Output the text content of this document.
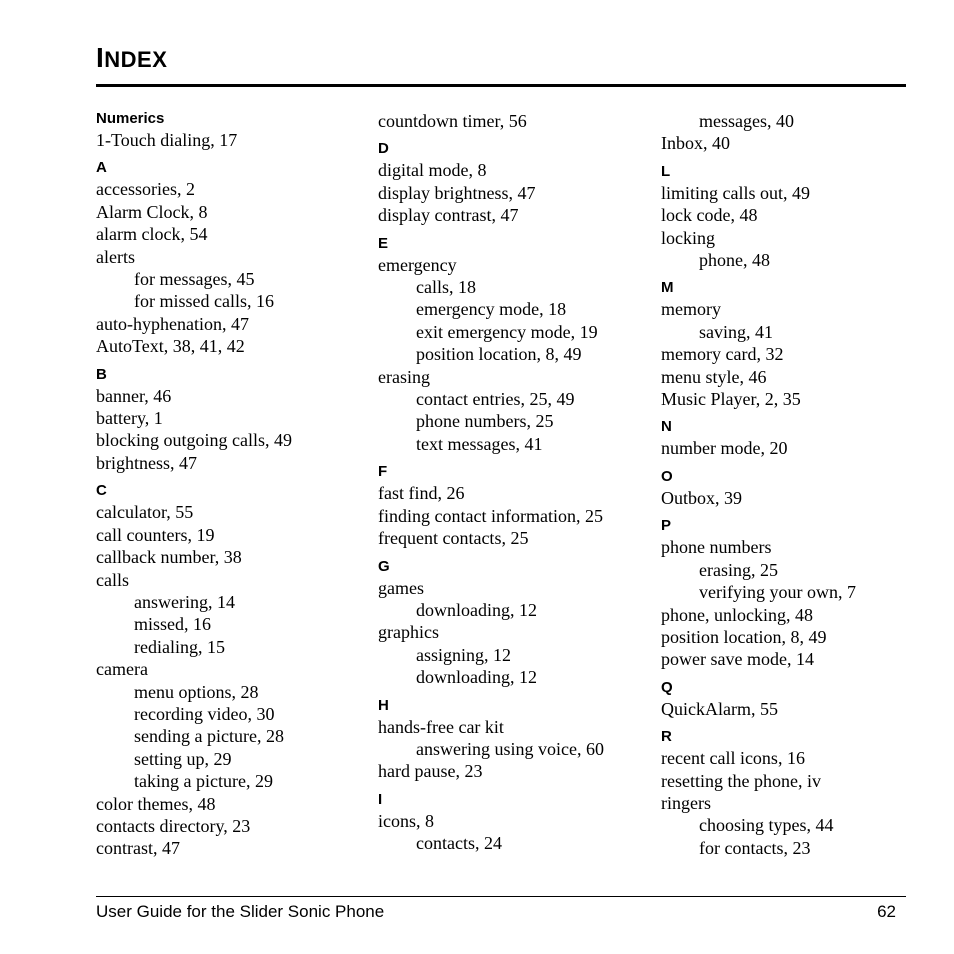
INDEX
Numerics
1-Touch dialing, 17
A
accessories, 2
Alarm Clock, 8
alarm clock, 54
alerts
for messages, 45
for missed calls, 16
auto-hyphenation, 47
AutoText, 38, 41, 42
B
banner, 46
battery, 1
blocking outgoing calls, 49
brightness, 47
C
calculator, 55
call counters, 19
callback number, 38
calls
answering, 14
missed, 16
redialing, 15
camera
menu options, 28
recording video, 30
sending a picture, 28
setting up, 29
taking a picture, 29
color themes, 48
contacts directory, 23
contrast, 47
countdown timer, 56
D
digital mode, 8
display brightness, 47
display contrast, 47
E
emergency
calls, 18
emergency mode, 18
exit emergency mode, 19
position location, 8, 49
erasing
contact entries, 25, 49
phone numbers, 25
text messages, 41
F
fast find, 26
finding contact information, 25
frequent contacts, 25
G
games
downloading, 12
graphics
assigning, 12
downloading, 12
H
hands-free car kit
answering using voice, 60
hard pause, 23
I
icons, 8
contacts, 24
messages, 40
Inbox, 40
L
limiting calls out, 49
lock code, 48
locking
phone, 48
M
memory
saving, 41
memory card, 32
menu style, 46
Music Player, 2, 35
N
number mode, 20
O
Outbox, 39
P
phone numbers
erasing, 25
verifying your own, 7
phone, unlocking, 48
position location, 8, 49
power save mode, 14
Q
QuickAlarm, 55
R
recent call icons, 16
resetting the phone, iv
ringers
choosing types, 44
for contacts, 23
User Guide for the Slider Sonic Phone	62
